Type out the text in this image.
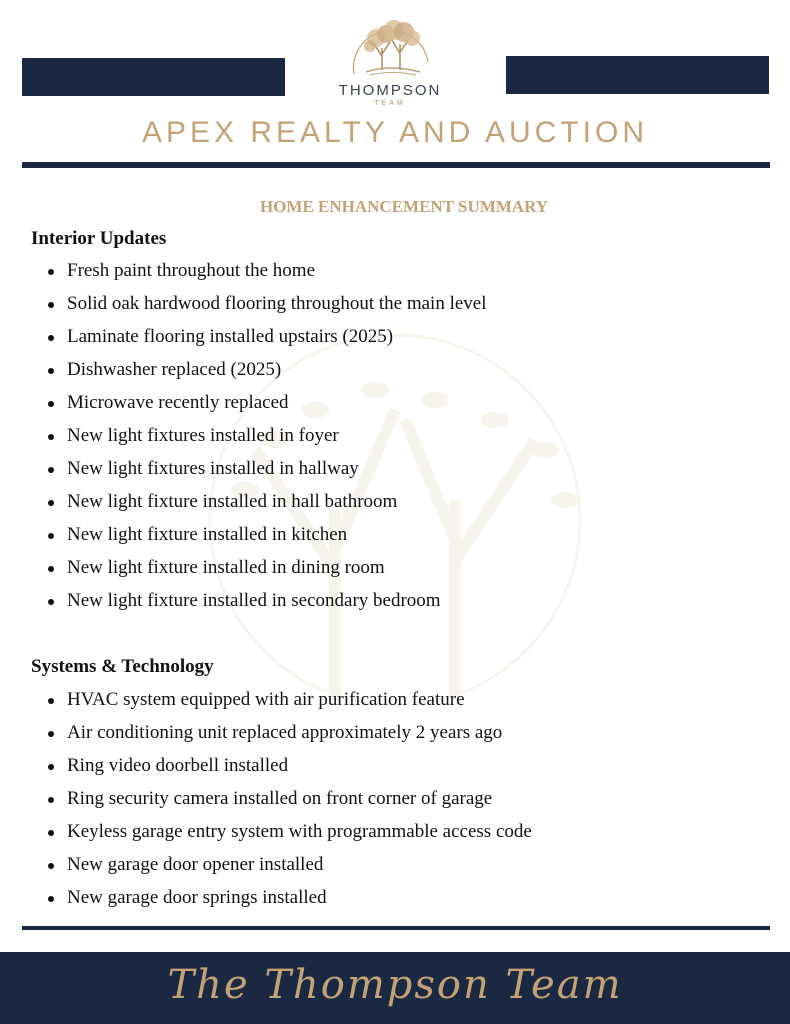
THOMPSON
TEAM
APEX REALTY AND AUCTION
HOME ENHANCEMENT SUMMARY
Interior Updates
Fresh paint throughout the home
Solid oak hardwood flooring throughout the main level
Laminate flooring installed upstairs (2025)
Dishwasher replaced (2025)
Microwave recently replaced
New light fixtures installed in foyer
New light fixtures installed in hallway
New light fixture installed in hall bathroom
New light fixture installed in kitchen
New light fixture installed in dining room
New light fixture installed in secondary bedroom
Systems & Technology
HVAC system equipped with air purification feature
Air conditioning unit replaced approximately 2 years ago
Ring video doorbell installed
Ring security camera installed on front corner of garage
Keyless garage entry system with programmable access code
New garage door opener installed
New garage door springs installed
The Thompson Team
